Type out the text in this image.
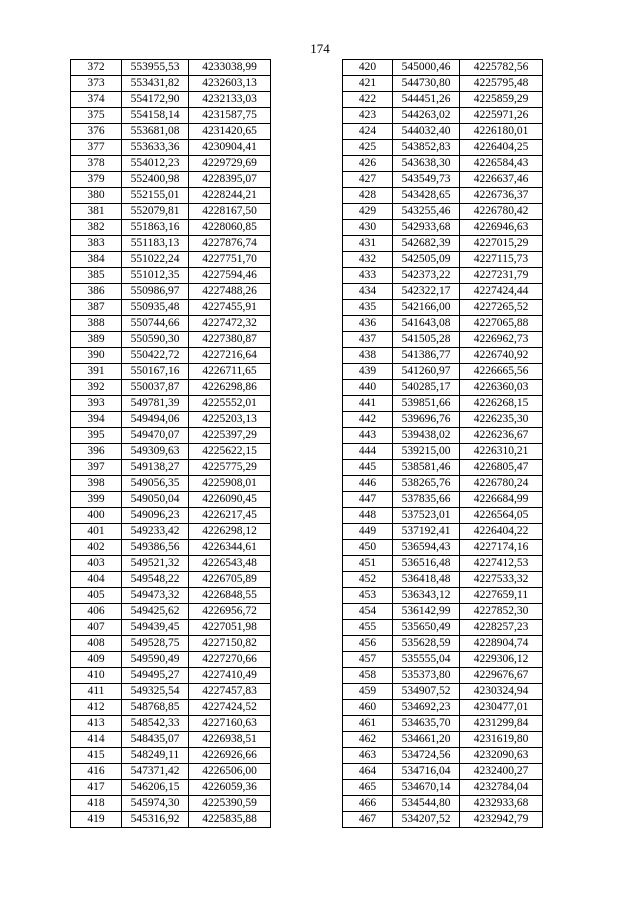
174
372	553955,53	4233038,99
373	553431,82	4232603,13
374	554172,90	4232133,03
375	554158,14	4231587,75
376	553681,08	4231420,65
377	553633,36	4230904,41
378	554012,23	4229729,69
379	552400,98	4228395,07
380	552155,01	4228244,21
381	552079,81	4228167,50
382	551863,16	4228060,85
383	551183,13	4227876,74
384	551022,24	4227751,70
385	551012,35	4227594,46
386	550986,97	4227488,26
387	550935,48	4227455,91
388	550744,66	4227472,32
389	550590,30	4227380,87
390	550422,72	4227216,64
391	550167,16	4226711,65
392	550037,87	4226298,86
393	549781,39	4225552,01
394	549494,06	4225203,13
395	549470,07	4225397,29
396	549309,63	4225622,15
397	549138,27	4225775,29
398	549056,35	4225908,01
399	549050,04	4226090,45
400	549096,23	4226217,45
401	549233,42	4226298,12
402	549386,56	4226344,61
403	549521,32	4226543,48
404	549548,22	4226705,89
405	549473,32	4226848,55
406	549425,62	4226956,72
407	549439,45	4227051,98
408	549528,75	4227150,82
409	549590,49	4227270,66
410	549495,27	4227410,49
411	549325,54	4227457,83
412	548768,85	4227424,52
413	548542,33	4227160,63
414	548435,07	4226938,51
415	548249,11	4226926,66
416	547371,42	4226506,00
417	546206,15	4226059,36
418	545974,30	4225390,59
419	545316,92	4225835,88
420	545000,46	4225782,56
421	544730,80	4225795,48
422	544451,26	4225859,29
423	544263,02	4225971,26
424	544032,40	4226180,01
425	543852,83	4226404,25
426	543638,30	4226584,43
427	543549,73	4226637,46
428	543428,65	4226736,37
429	543255,46	4226780,42
430	542933,68	4226946,63
431	542682,39	4227015,29
432	542505,09	4227115,73
433	542373,22	4227231,79
434	542322,17	4227424,44
435	542166,00	4227265,52
436	541643,08	4227065,88
437	541505,28	4226962,73
438	541386,77	4226740,92
439	541260,97	4226665,56
440	540285,17	4226360,03
441	539851,66	4226268,15
442	539696,76	4226235,30
443	539438,02	4226236,67
444	539215,00	4226310,21
445	538581,46	4226805,47
446	538265,76	4226780,24
447	537835,66	4226684,99
448	537523,01	4226564,05
449	537192,41	4226404,22
450	536594,43	4227174,16
451	536516,48	4227412,53
452	536418,48	4227533,32
453	536343,12	4227659,11
454	536142,99	4227852,30
455	535650,49	4228257,23
456	535628,59	4228904,74
457	535555,04	4229306,12
458	535373,80	4229676,67
459	534907,52	4230324,94
460	534692,23	4230477,01
461	534635,70	4231299,84
462	534661,20	4231619,80
463	534724,56	4232090,63
464	534716,04	4232400,27
465	534670,14	4232784,04
466	534544,80	4232933,68
467	534207,52	4232942,79
